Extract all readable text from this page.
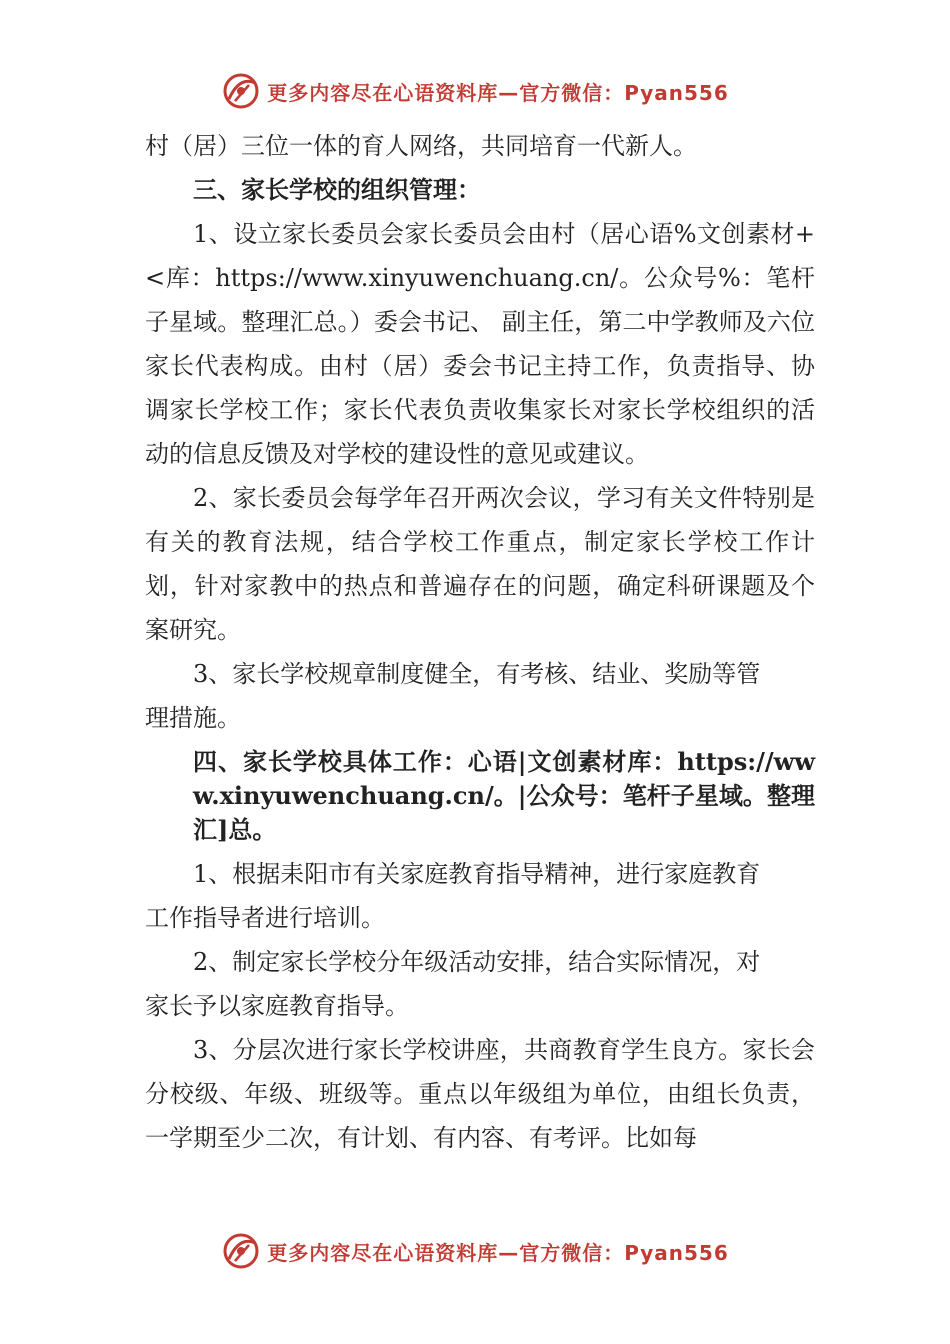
更多内容尽在心语资料库—官方微信：Pyan556

村（居）三位一体的育人网络，共同培育一代新人。

三、家长学校的组织管理：

1、设立家长委员会家长委员会由村（居心语%文创素材+<库：https://www.xinyuwenchuang.cn/。公众号%：笔杆子星域。整理汇总。）委会书记、 副主任，第二中学教师及六位家长代表构成。由村（居）委会书记主持工作，负责指导、协调家长学校工作；家长代表负责收集家长对家长学校组织的活动的信息反馈及对学校的建设性的意见或建议。

2、家长委员会每学年召开两次会议，学习有关文件特别是有关的教育法规，结合学校工作重点，制定家长学校工作计划，针对家教中的热点和普遍存在的问题，确定科研课题及个案研究。

3、家长学校规章制度健全，有考核、结业、奖励等管

理措施。

四、家长学校具体工作：心语|文创素材库：https://www.xinyuwenchuang.cn/。|公众号：笔杆子星域。整理汇]总。

1、根据耒阳市有关家庭教育指导精神，进行家庭教育

工作指导者进行培训。

2、制定家长学校分年级活动安排，结合实际情况，对

家长予以家庭教育指导。

3、分层次进行家长学校讲座，共商教育学生良方。家长会分校级、年级、班级等。重点以年级组为单位，由组长负责，一学期至少二次，有计划、有内容、有考评。比如每

更多内容尽在心语资料库—官方微信：Pyan556
